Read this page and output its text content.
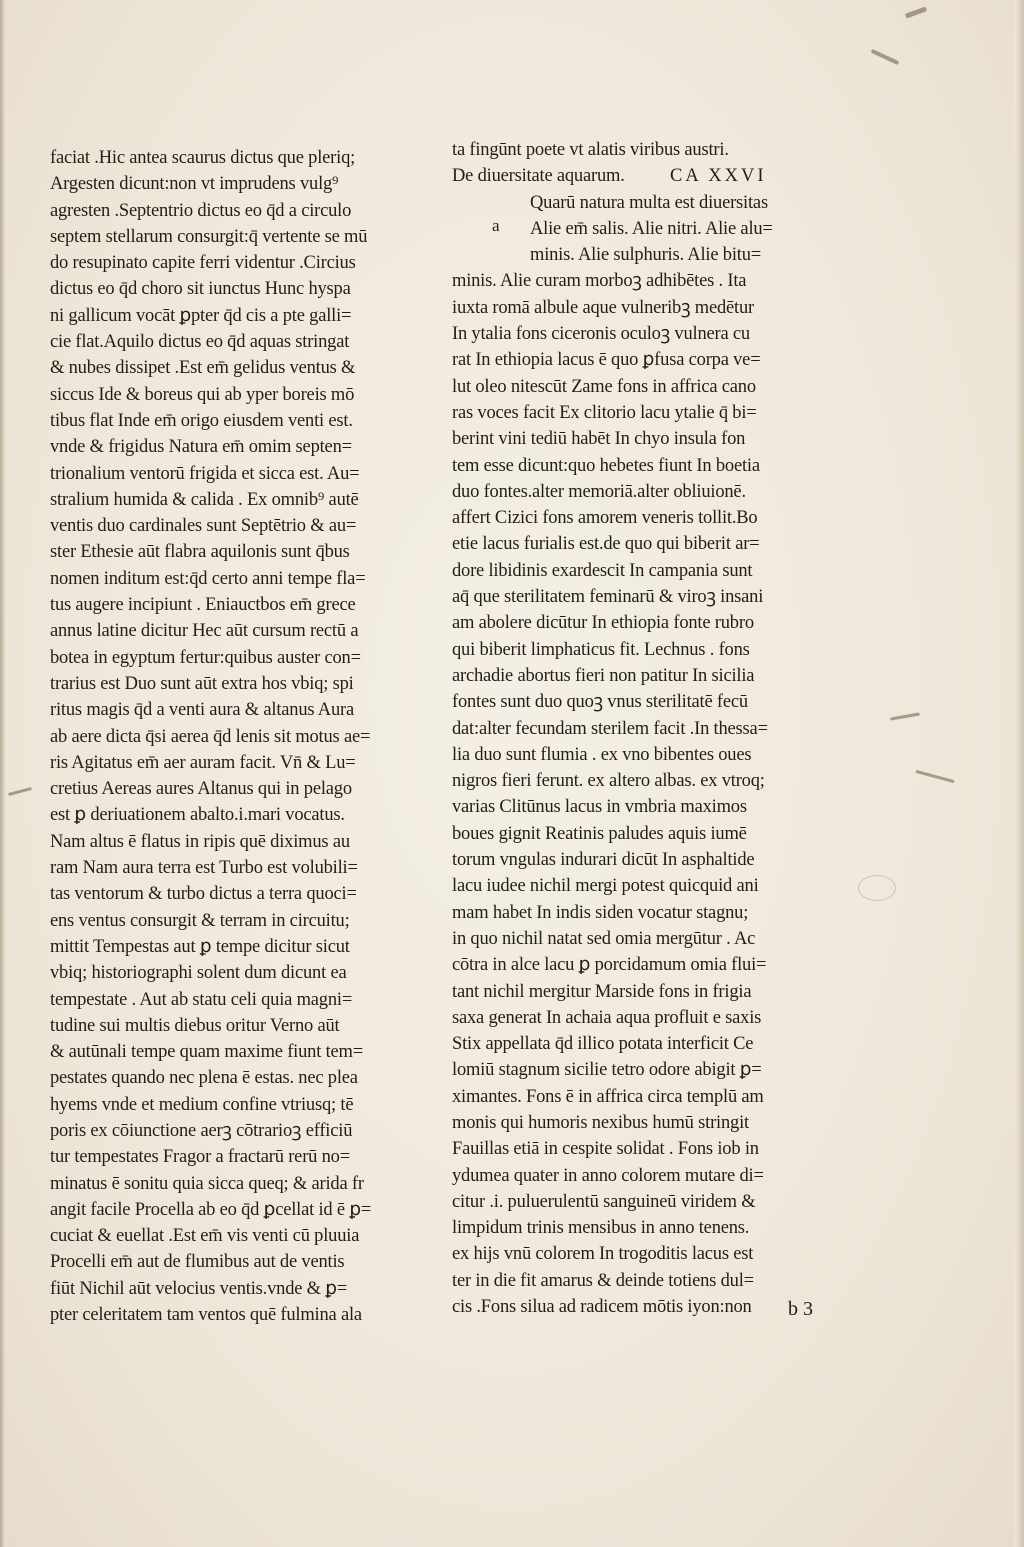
faciat .Hic antea scaurus dictus que pleriq;
Argesten dicunt:non vt imprudens vulg⁹
agresten .Septentrio dictus eo q̄d a circulo
septem stellarum consurgit:q̄ vertente se mū
do resupinato capite ferri videntur .Circius
dictus eo q̄d choro sit iunctus Hunc hyspa
ni gallicum vocāt ꝑpter q̄d cis a pte galli=
cie flat.Aquilo dictus eo q̄d aquas stringat
& nubes dissipet .Est em̄ gelidus ventus &
siccus Ide & boreus qui ab yper boreis mō
tibus flat Inde em̄ origo eiusdem venti est.
vnde & frigidus Natura em̄ omim septen=
trionalium ventorū frigida et sicca est. Au=
stralium humida & calida . Ex omnib⁹ autē
ventis duo cardinales sunt Septētrio & au=
ster Ethesie aūt flabra aquilonis sunt q̄bus
nomen inditum est:q̄d certo anni tempe fla=
tus augere incipiunt . Eniauctbos em̄ grece
annus latine dicitur Hec aūt cursum rectū a
botea in egyptum fertur:quibus auster con=
trarius est Duo sunt aūt extra hos vbiq; spi
ritus magis q̄d a venti aura & altanus Aura
ab aere dicta q̄si aerea q̄d lenis sit motus ae=
ris Agitatus em̄ aer auram facit. Vn̄ & Lu=
cretius Aereas aures Altanus qui in pelago
est ꝑ deriuationem abalto.i.mari vocatus.
Nam altus ē flatus in ripis quē diximus au
ram Nam aura terra est Turbo est volubili=
tas ventorum & turbo dictus a terra quoci=
ens ventus consurgit & terram in circuitu;
mittit Tempestas aut ꝑ tempe dicitur sicut
vbiq; historiographi solent dum dicunt ea
tempestate . Aut ab statu celi quia magni=
tudine sui multis diebus oritur Verno aūt
& autūnali tempe quam maxime fiunt tem=
pestates quando nec plena ē estas. nec plea
hyems vnde et medium confine vtriusq; tē
poris ex cōiunctione aerꝫ cōtrarioꝫ efficiū
tur tempestates Fragor a fractarū rerū no=
minatus ē sonitu quia sicca queq; & arida fr
angit facile Procella ab eo q̄d ꝑcellat id ē ꝑ=
cuciat & euellat .Est em̄ vis venti cū pluuia
Procelli em̄ aut de flumibus aut de ventis
fiūt Nichil aūt velocius ventis.vnde & ꝑ=
pter celeritatem tam ventos quē fulmina ala
ta fingūnt poete vt alatis viribus austri.
De diuersitate aquarum. CA XXVI
Quarū natura multa est diuersitas
a	Alie em̄ salis. Alie nitri. Alie alu=
minis. Alie sulphuris. Alie bitu=
minis. Alie curam morboꝫ adhibētes . Ita
iuxta romā albule aque vulneribꝫ medētur
In ytalia fons ciceronis oculoꝫ vulnera cu
rat In ethiopia lacus ē quo ꝑfusa corpa ve=
lut oleo nitescūt Zame fons in affrica cano
ras voces facit Ex clitorio lacu ytalie q̄ bi=
berint vini tediū habēt In chyo insula fon
tem esse dicunt:quo hebetes fiunt In boetia
duo fontes.alter memoriā.alter obliuionē.
affert Cizici fons amorem veneris tollit.Bo
etie lacus furialis est.de quo qui biberit ar=
dore libidinis exardescit In campania sunt
aq̄ que sterilitatem feminarū & viroꝫ insani
am abolere dicūtur In ethiopia fonte rubro
qui biberit limphaticus fit. Lechnus . fons
archadie abortus fieri non patitur In sicilia
fontes sunt duo quoꝫ vnus sterilitatē fecū
dat:alter fecundam sterilem facit .In thessa=
lia duo sunt flumia . ex vno bibentes oues
nigros fieri ferunt. ex altero albas. ex vtroq;
varias Clitūnus lacus in vmbria maximos
boues gignit Reatinis paludes aquis iumē
torum vngulas indurari dicūt In asphaltide
lacu iudee nichil mergi potest quicquid ani
mam habet In indis siden vocatur stagnu;
in quo nichil natat sed omia mergūtur . Ac
cōtra in alce lacu ꝑ porcidamum omia flui=
tant nichil mergitur Marside fons in frigia
saxa generat In achaia aqua profluit e saxis
Stix appellata q̄d illico potata interficit Ce
lomiū stagnum sicilie tetro odore abigit ꝑ=
ximantes. Fons ē in affrica circa templū am
monis qui humoris nexibus humū stringit
Fauillas etiā in cespite solidat . Fons iob in
ydumea quater in anno colorem mutare di=
citur .i. puluerulentū sanguineū viridem &
limpidum trinis mensibus in anno tenens.
ex hijs vnū colorem In trogoditis lacus est
ter in die fit amarus & deinde totiens dul=
cis .Fons silua ad radicem mōtis iyon:non	b 3
